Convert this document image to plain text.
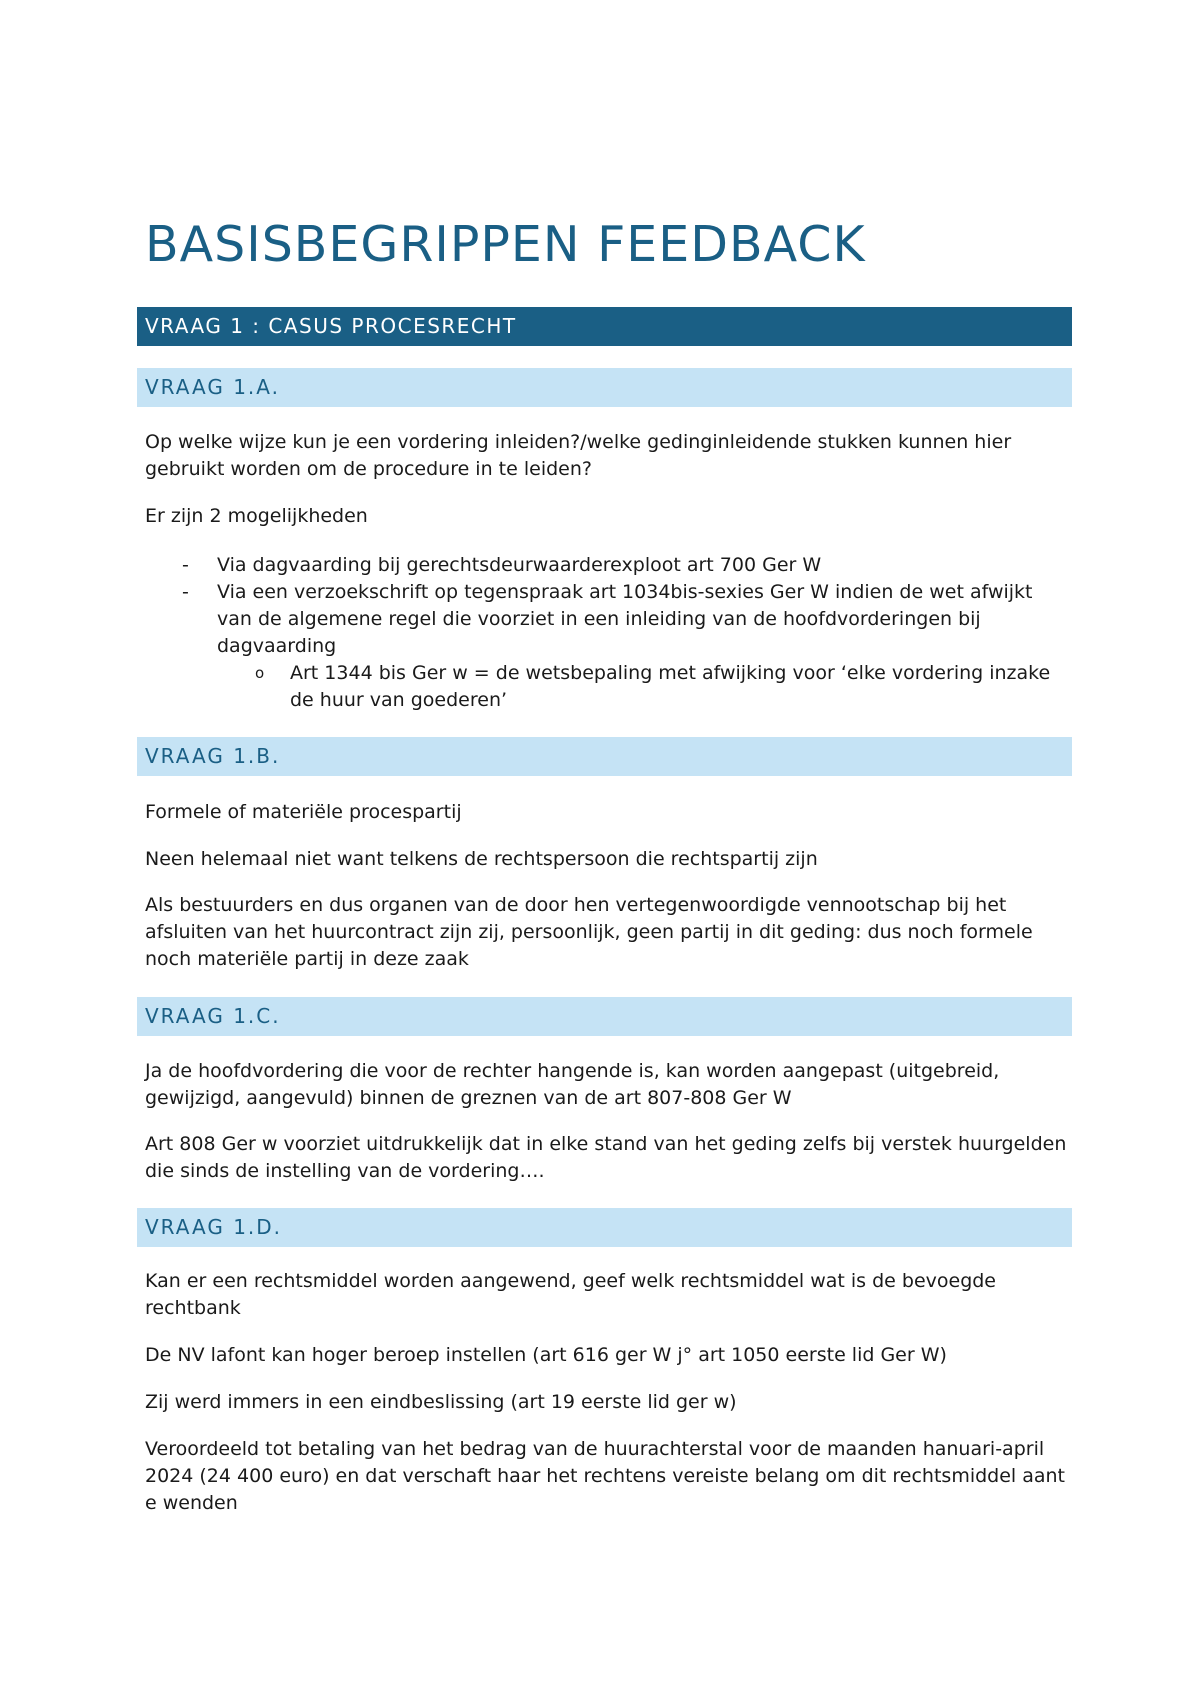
BASISBEGRIPPEN FEEDBACK
VRAAG 1 : CASUS PROCESRECHT
VRAAG 1.A.

Op welke wijze kun je een vordering inleiden?/welke gedinginleidende stukken kunnen hier gebruikt worden om de procedure in te leiden?

Er zijn 2 mogelijkheden

- Via dagvaarding bij gerechtsdeurwaarderexploot art 700 Ger W
- Via een verzoekschrift op tegenspraak art 1034bis-sexies Ger W indien de wet afwijkt van de algemene regel die voorziet in een inleiding van de hoofdvorderingen bij dagvaarding
o Art 1344 bis Ger w = de wetsbepaling met afwijking voor ‘elke vordering inzake de huur van goederen’
VRAAG 1.B.

Formele of materiële procespartij

Neen helemaal niet want telkens de rechtspersoon die rechtspartij zijn

Als bestuurders en dus organen van de door hen vertegenwoordigde vennootschap bij het afsluiten van het huurcontract zijn zij, persoonlijk, geen partij in dit geding: dus noch formele noch materiële partij in deze zaak

VRAAG 1.C.

Ja de hoofdvordering die voor de rechter hangende is, kan worden aangepast (uitgebreid, gewijzigd, aangevuld) binnen de greznen van de art 807-808 Ger W

Art 808 Ger w voorziet uitdrukkelijk dat in elke stand van het geding zelfs bij verstek huurgelden die sinds de instelling van de vordering….

VRAAG 1.D.

Kan er een rechtsmiddel worden aangewend, geef welk rechtsmiddel wat is de bevoegde rechtbank

De NV lafont kan hoger beroep instellen (art 616 ger W j° art 1050 eerste lid Ger W)

Zij werd immers in een eindbeslissing (art 19 eerste lid ger w)

Veroordeeld tot betaling van het bedrag van de huurachterstal voor de maanden hanuari-april 2024 (24 400 euro) en dat verschaft haar het rechtens vereiste belang om dit rechtsmiddel aant e wenden
